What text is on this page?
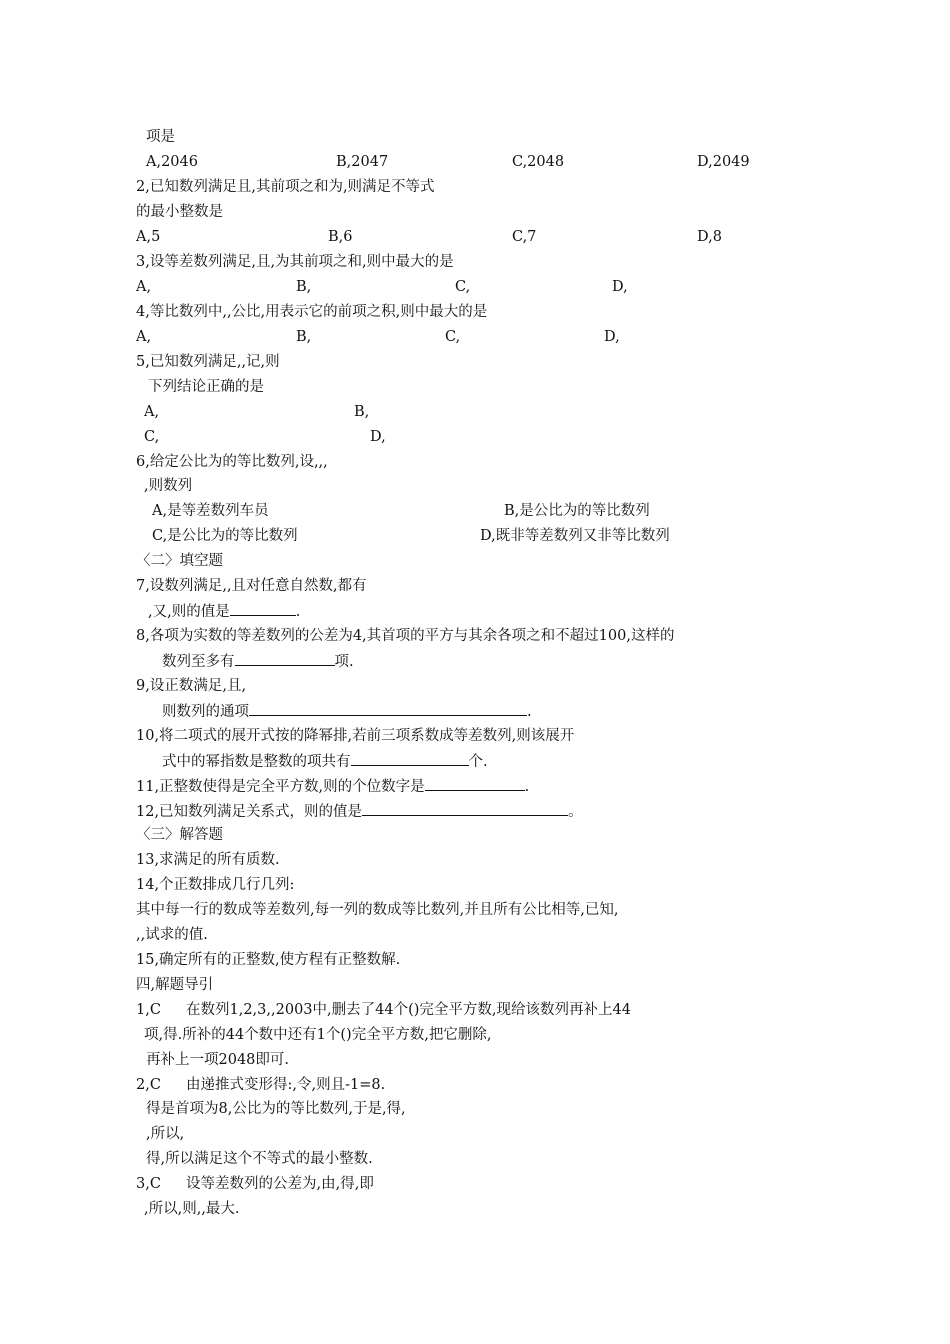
项是
A,2046	B,2047	C,2048	D,2049
2,已知数列满足且,其前项之和为,则满足不等式
的最小整数是
A,5	B,6	C,7	D,8
3,设等差数列满足,且,为其前项之和,则中最大的是
A,	B,	C,	D,
4,等比数列中,,公比,用表示它的前项之积,则中最大的是
A,	B,	C,	D,
5,已知数列满足,,记,则
下列结论正确的是
A,	B,
C,	D,
6,给定公比为的等比数列,设,,,
,则数列
A,是等差数列车员	B,是公比为的等比数列
C,是公比为的等比数列	D,既非等差数列又非等比数列
〈二〉填空题
7,设数列满足,,且对任意自然数,都有
,又,则的值是	.
8,各项为实数的等差数列的公差为4,其首项的平方与其余各项之和不超过100,这样的
数列至多有	项.
9,设正数满足,且,
则数列的通项	.
10,将二项式的展开式按的降幂排,若前三项系数成等差数列,则该展开
式中的幂指数是整数的项共有	个.
11,正整数使得是完全平方数,则的个位数字是	.
12,已知数列满足关系式，则的值是	。
〈三〉解答题
13,求满足的所有质数.
14,个正数排成几行几列:
其中每一行的数成等差数列,每一列的数成等比数列,并且所有公比相等,已知,
,,试求的值.
15,确定所有的正整数,使方程有正整数解.
四,解题导引
1,C 在数列1,2,3,,2003中,删去了44个()完全平方数,现给该数列再补上44
项,得.所补的44个数中还有1个()完全平方数,把它删除,
再补上一项2048即可.
2,C 由递推式变形得:,令,则且-1=8.
得是首项为8,公比为的等比数列,于是,得,
,所以,
得,所以满足这个不等式的最小整数.
3,C 设等差数列的公差为,由,得,即
,所以,则,,最大.
